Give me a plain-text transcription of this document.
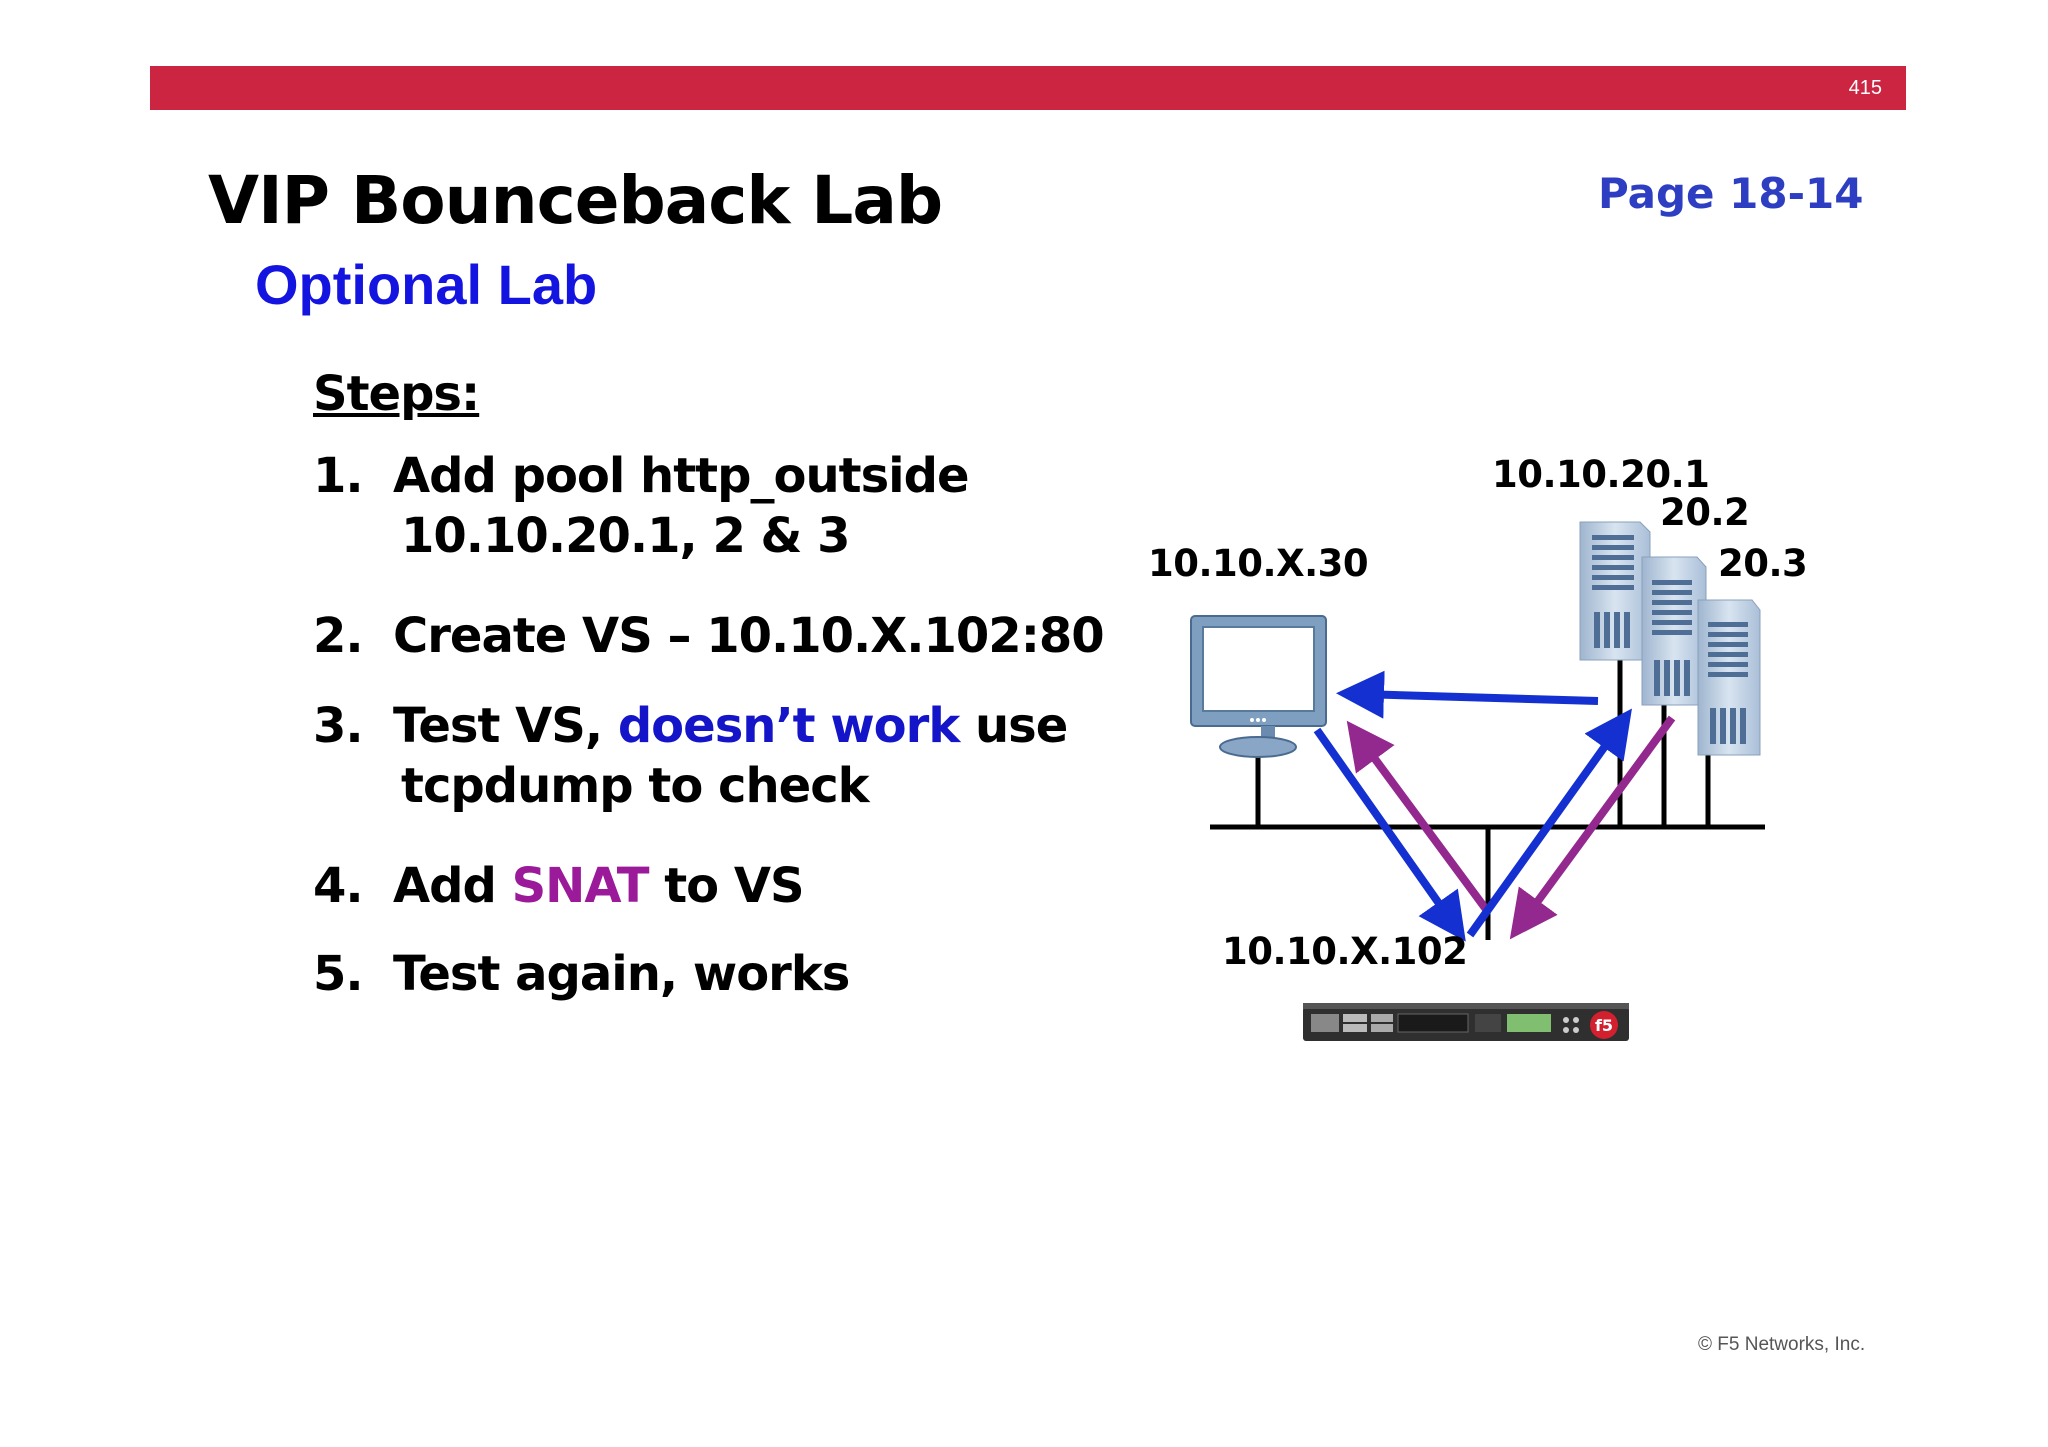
415
VIP Bounceback Lab	Page 18-14
Optional Lab
Steps:
1. Add pool http_outside
10.10.20.1, 2 & 3
2. Create VS – 10.10.X.102:80
3. Test VS, doesn’t work use
tcpdump to check
4. Add SNAT to VS
5. Test again, works
f5
10.10.X.30
10.10.20.1
20.2
20.3
10.10.X.102
© F5 Networks, Inc.
